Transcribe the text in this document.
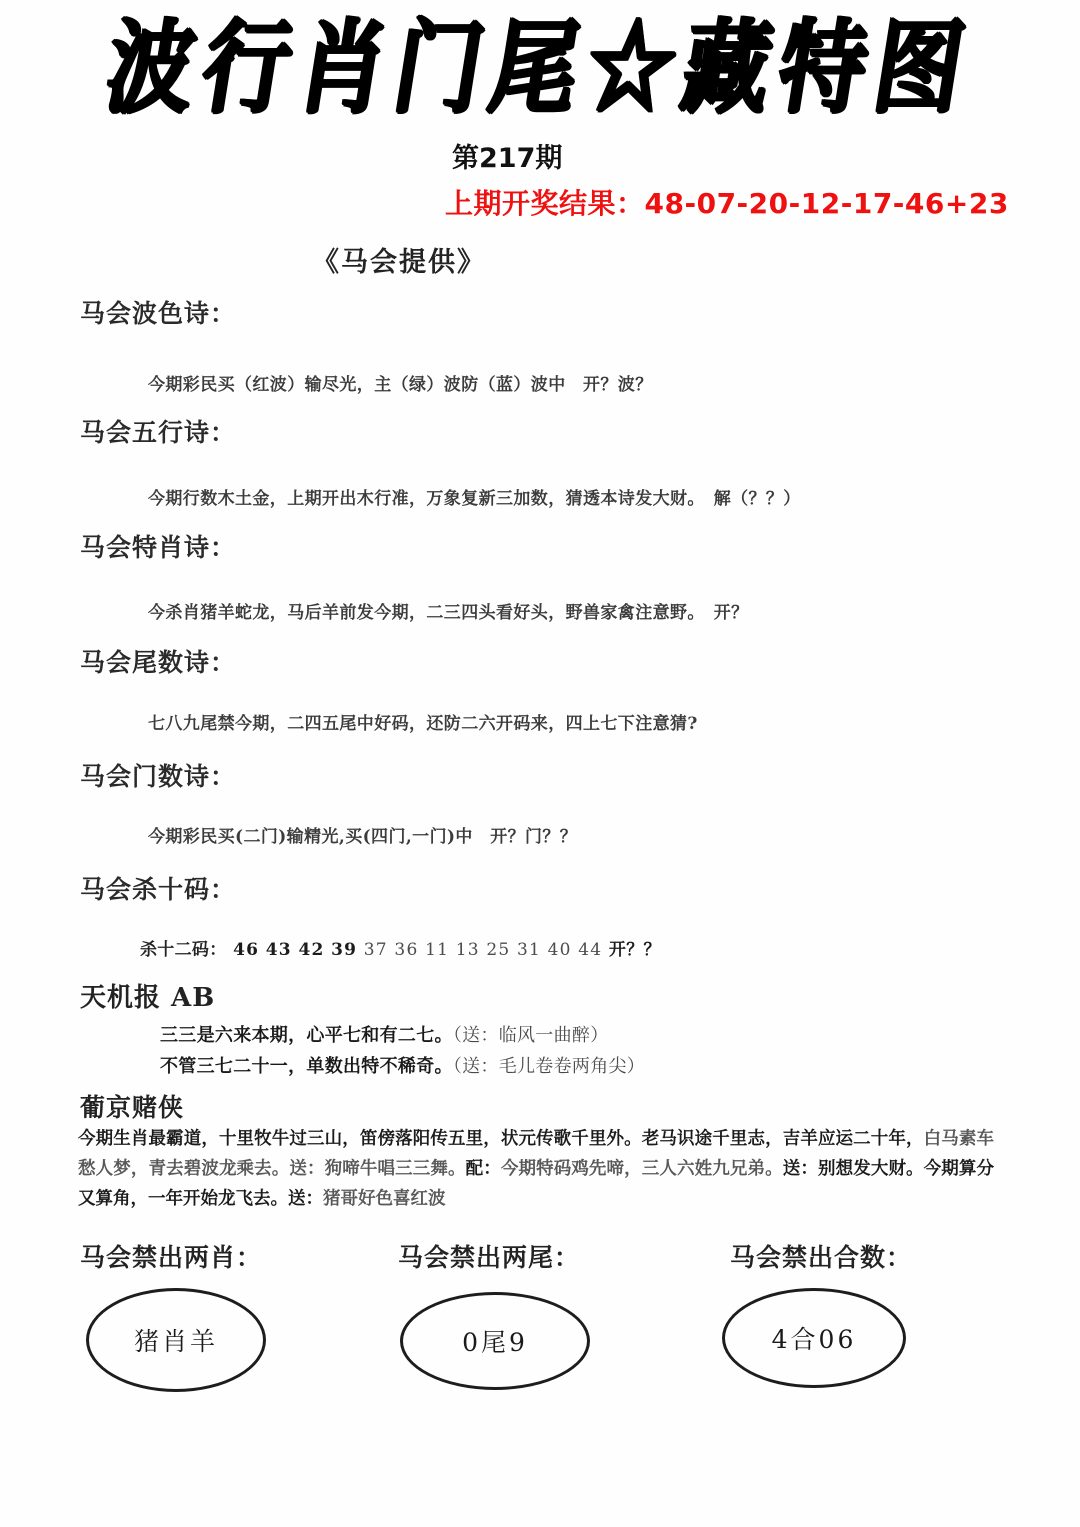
波行肖门尾☆藏特图
第217期
上期开奖结果：48-07-20-12-17-46+23
《马会提供》
马会波色诗：
今期彩民买（红波）输尽光，主（绿）波防（蓝）波中　开？波？
马会五行诗：
今期行数木土金，上期开出木行准，万象复新三加数，猜透本诗发大财。　解（？？）
马会特肖诗：
今杀肖猪羊蛇龙，马后羊前发今期，二三四头看好头，野兽家禽注意野。　开？
马会尾数诗：
七八九尾禁今期，二四五尾中好码，还防二六开码来，四上七下注意猜?
马会门数诗：
今期彩民买(二门)输精光,买(四门,一门)中　开？门？？
马会杀十码：
杀十二码： 46 43 42 39 37 36 11 13 25 31 40 44 开？？
天机报 AB
三三是六来本期，心平七和有二七。（送：临风一曲醉）
不管三七二十一，单数出特不稀奇。（送：毛儿卷卷两角尖）
葡京赌侠
今期生肖最霸道，十里牧牛过三山，笛傍落阳传五里，状元传歌千里外。老马识途千里志，吉羊应运二十年，白马素车愁人梦，青去碧波龙乘去。送：狗啼牛唱三三舞。配：今期特码鸡先啼，三人六姓九兄弟。送：别想发大财。今期算分又算角，一年开始龙飞去。送：猪哥好色喜红波
马会禁出两肖：	马会禁出两尾：	马会禁出合数：
猪肖羊	0尾9	4合06
